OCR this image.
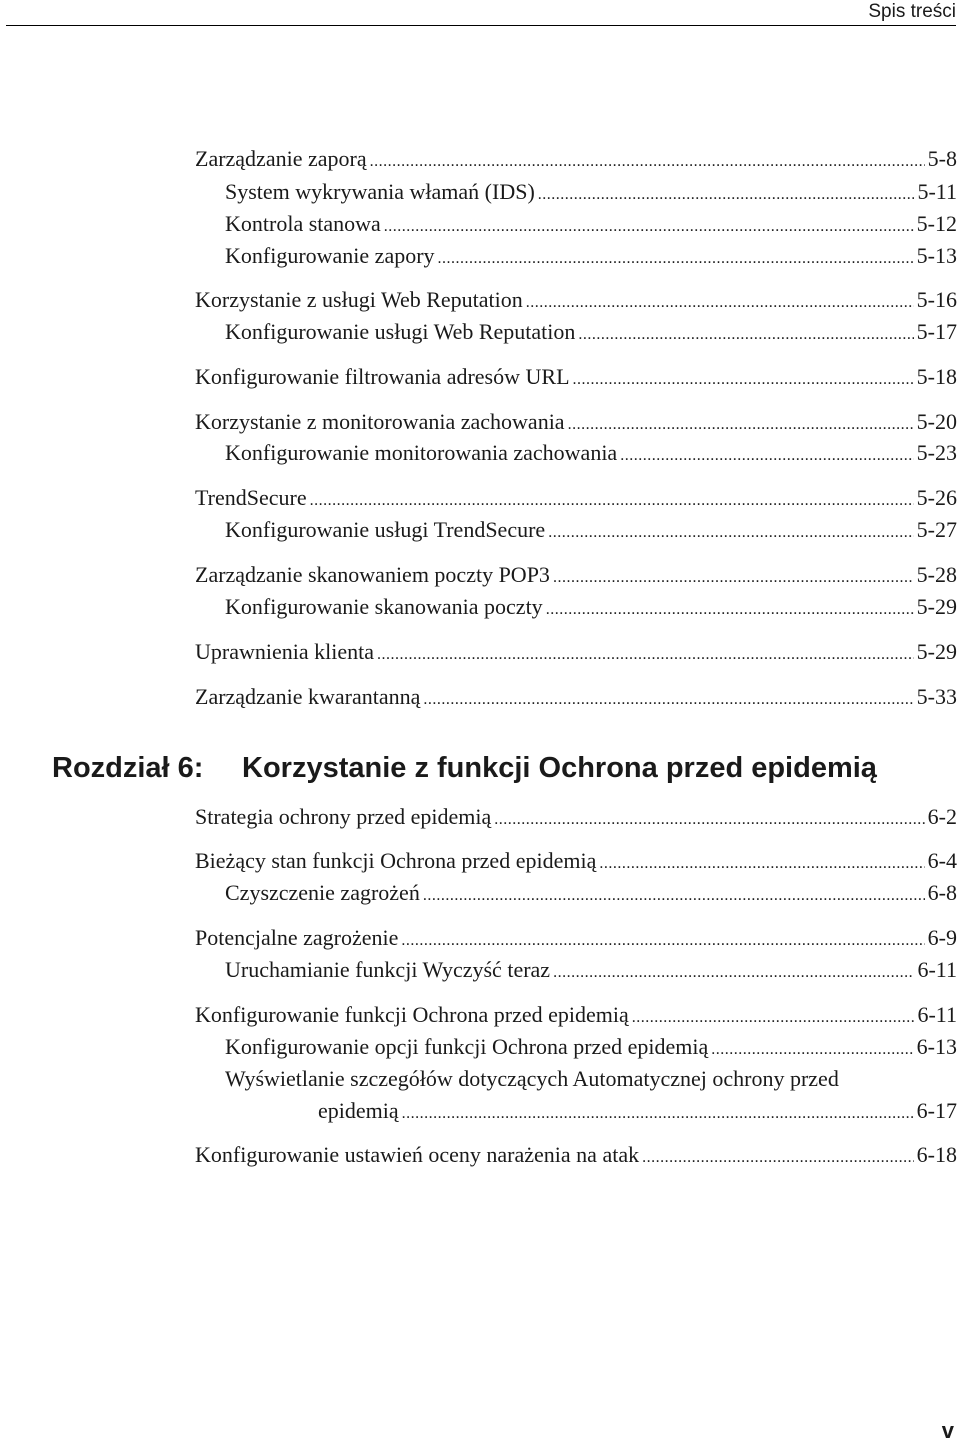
Spis treści
Zarządzanie zaporą .....	5-8
System wykrywania włamań (IDS) .....	5-11
Kontrola stanowa .....	5-12
Konfigurowanie zapory .....	5-13
Korzystanie z usługi Web Reputation .....	5-16
Konfigurowanie usługi Web Reputation .....	5-17
Konfigurowanie filtrowania adresów URL .....	5-18
Korzystanie z monitorowania zachowania .....	5-20
Konfigurowanie monitorowania zachowania .....	5-23
TrendSecure .....	5-26
Konfigurowanie usługi TrendSecure .....	5-27
Zarządzanie skanowaniem poczty POP3 .....	5-28
Konfigurowanie skanowania poczty .....	5-29
Uprawnienia klienta .....	5-29
Zarządzanie kwarantanną .....	5-33
Rozdział 6: Korzystanie z funkcji Ochrona przed epidemią
Strategia ochrony przed epidemią .....	6-2
Bieżący stan funkcji Ochrona przed epidemią .....	6-4
Czyszczenie zagrożeń .....	6-8
Potencjalne zagrożenie .....	6-9
Uruchamianie funkcji Wyczyść teraz .....	6-11
Konfigurowanie funkcji Ochrona przed epidemią .....	6-11
Konfigurowanie opcji funkcji Ochrona przed epidemią .....	6-13
Wyświetlanie szczegółów dotyczących Automatycznej ochrony przed
epidemią .....	6-17
Konfigurowanie ustawień oceny narażenia na atak .....	6-18
v
